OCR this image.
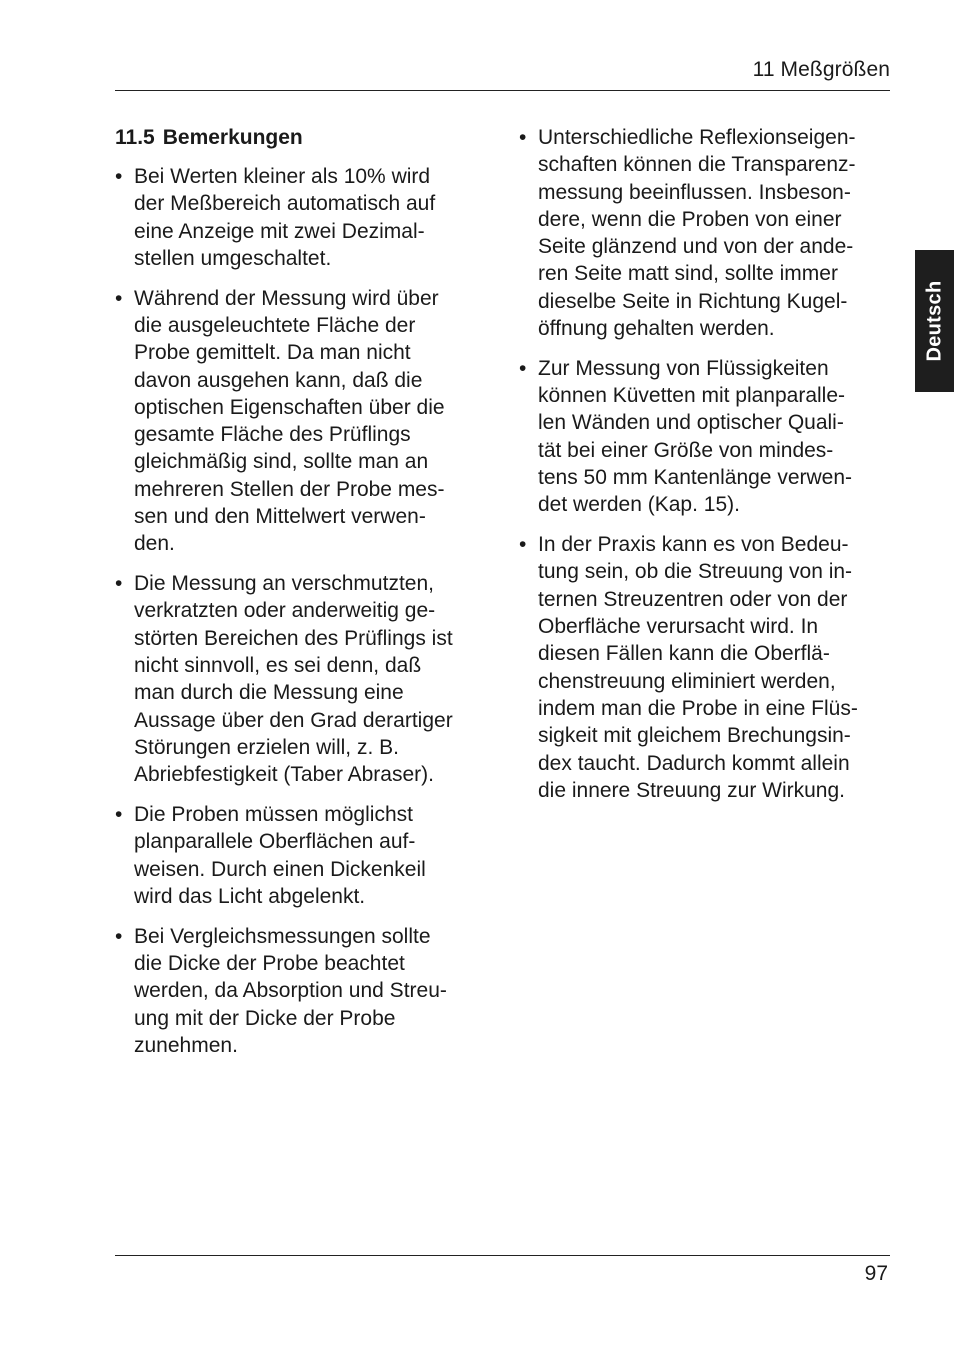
11 Meßgrößen
Deutsch
11.5 Bemerkungen
• Bei Werten kleiner als 10% wird
der Meßbereich automatisch auf
eine Anzeige mit zwei Dezimal-
stellen umgeschaltet.
• Während der Messung wird über
die ausgeleuchtete Fläche der
Probe gemittelt. Da man nicht
davon ausgehen kann, daß die
optischen Eigenschaften über die
gesamte Fläche des Prüflings
gleichmäßig sind, sollte man an
mehreren Stellen der Probe mes-
sen und den Mittelwert verwen-
den.
• Die Messung an verschmutzten,
verkratzten oder anderweitig ge-
störten Bereichen des Prüflings ist
nicht sinnvoll, es sei denn, daß
man durch die Messung eine
Aussage über den Grad derartiger
Störungen erzielen will, z. B.
Abriebfestigkeit (Taber Abraser).
• Die Proben müssen möglichst
planparallele Oberflächen auf-
weisen. Durch einen Dickenkeil
wird das Licht abgelenkt.
• Bei Vergleichsmessungen sollte
die Dicke der Probe beachtet
werden, da Absorption und Streu-
ung mit der Dicke der Probe
zunehmen.
• Unterschiedliche Reflexionseigen-
schaften können die Transparenz-
messung beeinflussen. Insbeson-
dere, wenn die Proben von einer
Seite glänzend und von der ande-
ren Seite matt sind, sollte immer
dieselbe Seite in Richtung Kugel-
öffnung gehalten werden.
• Zur Messung von Flüssigkeiten
können Küvetten mit planparalle-
len Wänden und optischer Quali-
tät bei einer Größe von mindes-
tens 50 mm Kantenlänge verwen-
det werden (Kap. 15).
• In der Praxis kann es von Bedeu-
tung sein, ob die Streuung von in-
ternen Streuzentren oder von der
Oberfläche verursacht wird. In
diesen Fällen kann die Oberflä-
chenstreuung eliminiert werden,
indem man die Probe in eine Flüs-
sigkeit mit gleichem Brechungsin-
dex taucht. Dadurch kommt allein
die innere Streuung zur Wirkung.
97
